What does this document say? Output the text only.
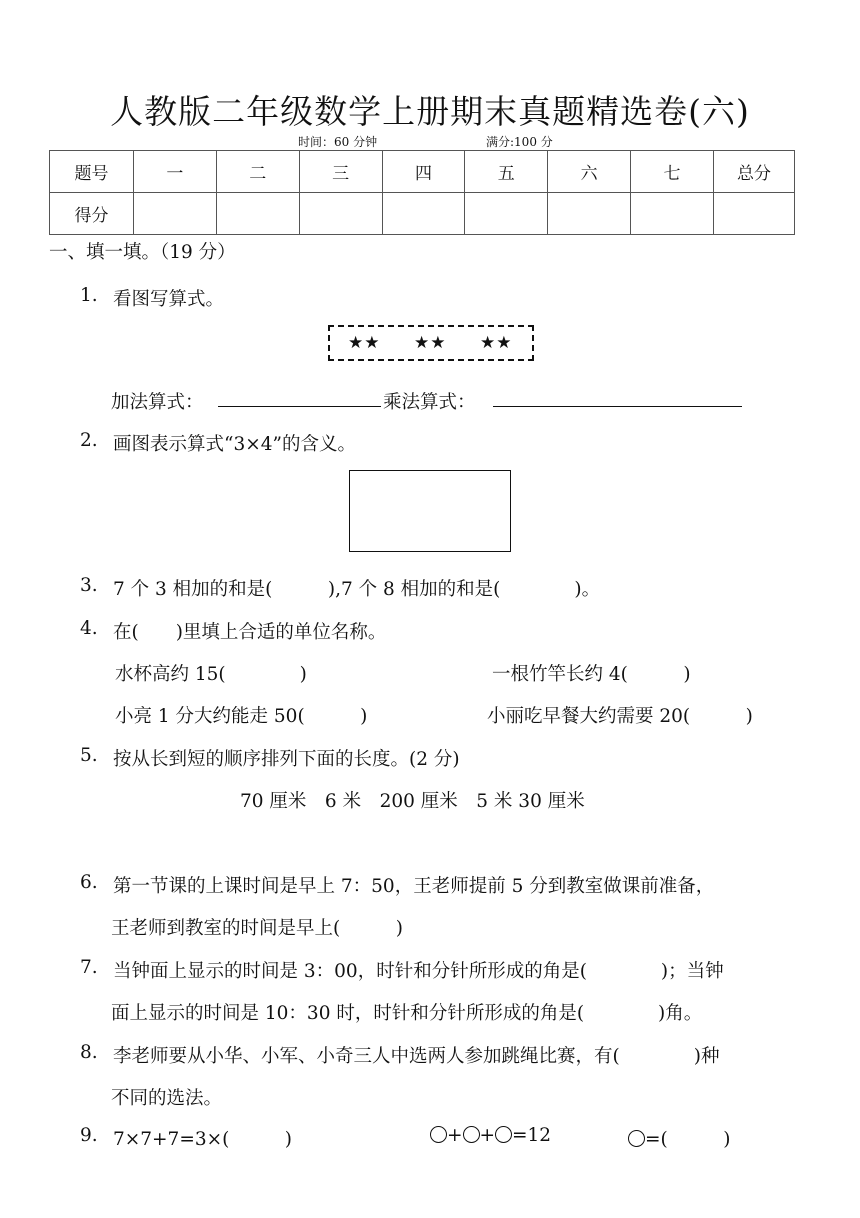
人教版二年级数学上册期末真题精选卷(六)
时间：60 分钟	满分:100 分
题号	一	二	三	四	五	六	七	总分
得分								
一、填一填。（19 分）
1. 看图写算式。
★★ ★★ ★★
加法算式：	乘法算式：
2. 画图表示算式“3×4”的含义。
3. 7 个 3 相加的和是(　　　),7 个 8 相加的和是(　　　　)。
4. 在(　　)里填上合适的单位名称。
水杯高约 15(　　　　)	一根竹竿长约 4(　　　)
小亮 1 分大约能走 50(　　　)	小丽吃早餐大约需要 20(　　　)
5. 按从长到短的顺序排列下面的长度。(2 分)
70 厘米　6 米　200 厘米　5 米 30 厘米
6. 第一节课的上课时间是早上 7：50，王老师提前 5 分到教室做课前准备，
王老师到教室的时间是早上(　　　)
7. 当钟面上显示的时间是 3：00，时针和分针所形成的角是(　　　　)；当钟
面上显示的时间是 10：30 时，时针和分针所形成的角是(　　　　)角。
8. 李老师要从小华、小军、小奇三人中选两人参加跳绳比赛，有(　　　　)种
不同的选法。
9. 7×7+7=3×(　　　)	+ + =12	=(　　　)
